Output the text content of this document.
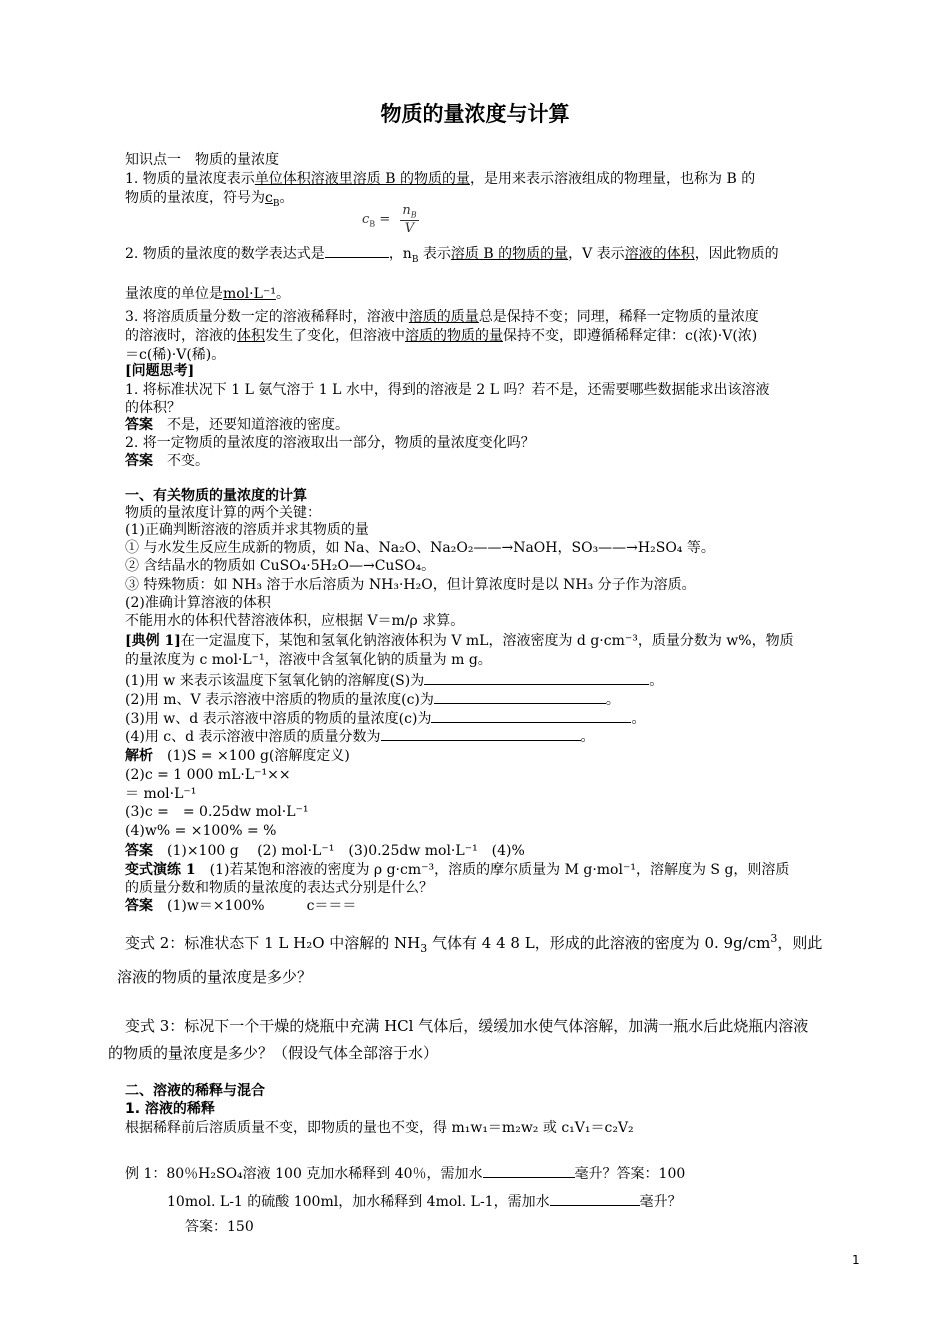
物质的量浓度与计算
知识点一　物质的量浓度
1. 物质的量浓度表示单位体积溶液里溶质 B 的物质的量，是用来表示溶液组成的物理量，也称为 B 的
物质的量浓度，符号为$c_B$。
$c_B = \frac{n_B}{V}$
2. 物质的量浓度的数学表达式是	，$n_B$ 表示溶质 B 的物质的量，V 表示溶液的体积，因此物质的
量浓度的单位是mol·L⁻¹。
3. 将溶质质量分数一定的溶液稀释时，溶液中溶质的质量总是保持不变；同理，稀释一定物质的量浓度
的溶液时，溶液的体积发生了变化，但溶液中溶质的物质的量保持不变，即遵循稀释定律：c(浓)·V(浓)
＝c(稀)·V(稀)。
[问题思考]
1. 将标准状况下 1 L 氨气溶于 1 L 水中，得到的溶液是 2 L 吗？若不是，还需要哪些数据能求出该溶液
的体积？
答案　不是，还要知道溶液的密度。
2. 将一定物质的量浓度的溶液取出一部分，物质的量浓度变化吗？
答案　不变。
一、有关物质的量浓度的计算
物质的量浓度计算的两个关键：
(1)正确判断溶液的溶质并求其物质的量
① 与水发生反应生成新的物质，如 Na、Na₂O、Na₂O₂——→NaOH，SO₃——→H₂SO₄ 等。
② 含结晶水的物质如 CuSO₄·5H₂O—→CuSO₄。
③ 特殊物质：如 NH₃ 溶于水后溶质为 NH₃·H₂O，但计算浓度时是以 NH₃ 分子作为溶质。
(2)准确计算溶液的体积
不能用水的体积代替溶液体积，应根据 V＝m/ρ 求算。
[典例 1]在一定温度下，某饱和氢氧化钠溶液体积为 V mL，溶液密度为 d g·cm⁻³，质量分数为 w%，物质
的量浓度为 c mol·L⁻¹，溶液中含氢氧化钠的质量为 m g。
(1)用 w 来表示该温度下氢氧化钠的溶解度(S)为	。
(2)用 m、V 表示溶液中溶质的物质的量浓度(c)为	。
(3)用 w、d 表示溶液中溶质的物质的量浓度(c)为	。
(4)用 c、d 表示溶液中溶质的质量分数为	。
解析　(1)S = ×100 g(溶解度定义)
(2)c = 1 000 mL·L⁻¹××
＝ mol·L⁻¹
(3)c =　= 0.25dw mol·L⁻¹
(4)w% = ×100% = %
答案　(1)×100 g　 (2) mol·L⁻¹　(3)0.25dw mol·L⁻¹　(4)%
变式演练 1　(1)若某饱和溶液的密度为 ρ g·cm⁻³，溶质的摩尔质量为 M g·mol⁻¹，溶解度为 S g，则溶质
的质量分数和物质的量浓度的表达式分别是什么？
答案　(1)w＝×100%　　　c＝＝＝
变式 2：标准状态下 1 L H₂O 中溶解的 $NH_3$ 气体有 4 4 8 L，形成的此溶液的密度为 0. $9g/cm^3$，则此
溶液的物质的量浓度是多少？
变式 3：标况下一个干燥的烧瓶中充满 HCl 气体后，缓缓加水使气体溶解，加满一瓶水后此烧瓶内溶液
的物质的量浓度是多少？（假设气体全部溶于水）
二、溶液的稀释与混合
1. 溶液的稀释
根据稀释前后溶质质量不变，即物质的量也不变，得 m₁w₁＝m₂w₂ 或 c₁V₁＝c₂V₂
例 1：80％H₂SO₄溶液 100 克加水稀释到 40％，需加水	毫升？答案：100
10mol. L-1 的硫酸 100ml，加水稀释到 4mol. L-1，需加水	毫升？
答案：150
1
